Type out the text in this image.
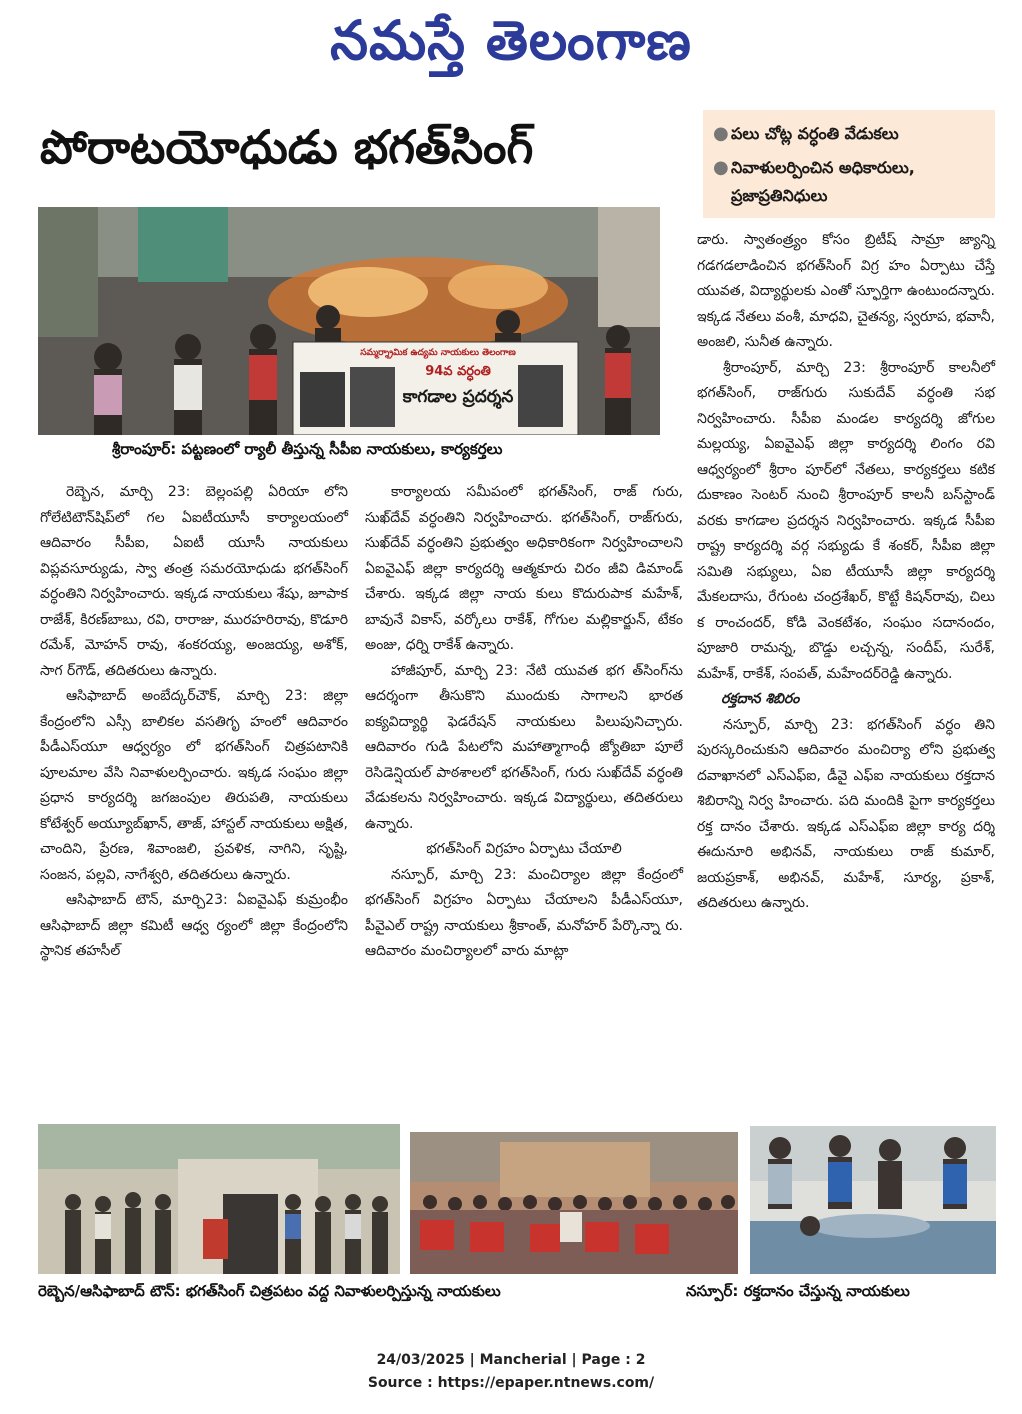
నమస్తే తెలంగాణ
పోరాటయోధుడు భగత్‌సింగ్	● పలు చోట్ల వర్ధంతి వేడుకలు
● నివాళులర్పించిన అధికారులు, ప్రజాప్రతినిధులు
సమ్మర్శ్రామిక ఉద్యమ నాయకులు తెలంగాణ
94వ వర్ధంతి
కాగడాల ప్రదర్శన
శ్రీరాంపూర్: పట్టణంలో ర్యాలీ తీస్తున్న సీపీఐ నాయకులు, కార్యకర్తలు

రెబ్బెన, మార్చి 23: బెల్లంపల్లి ఏరియా లోని గోలేటిటౌన్‌షిప్‌లో గల ఏఐటీయూసీ కార్యాలయంలో ఆదివారం సీపీఐ, ఏఐటీ యూసీ నాయకులు విప్లవసూర్యుడు, స్వా తంత్ర సమరయోధుడు భగత్‌సింగ్ వర్ధంతిని నిర్వహించారు. ఇక్కడ నాయకులు శేషు, జూపాక రాజేశ్, కిరణ్‌బాబు, రవి, రారాజు, మురహరిరావు, కొడూరి రమేశ్, మోహన్ రావు, శంకరయ్య, అంజయ్య, అశోక్, సాగ ర్‌గౌడ్, తదితరులు ఉన్నారు.

ఆసిఫాబాద్ అంబేద్కర్‌చౌక్, మార్చి 23: జిల్లా కేంద్రంలోని ఎస్సీ బాలికల వసతిగృ హంలో ఆదివారం పీడీఎస్‌యూ ఆధ్వర్యం లో భగత్‌సింగ్ చిత్రపటానికి పూలమాల వేసి నివాళులర్పించారు. ఇక్కడ సంఘం జిల్లా ప్రధాన కార్యదర్శి జగజంపుల తిరుపతి, నాయకులు కోటేశ్వర్ అయ్యూబ్‌ఖాన్, తాజ్, హాస్టల్ నాయకులు అక్షిత, చాందిని, ప్రేరణ, శివాంజలి, ప్రవళిక, నాగిని, సృష్టి, సంజన, పల్లవి, నాగేశ్వరి, తదితరులు ఉన్నారు.

ఆసిఫాబాద్ టౌన్, మార్చి23: ఏఐవైఎఫ్ కుమ్రంభీం ఆసిఫాబాద్ జిల్లా కమిటీ ఆధ్వ ర్యంలో జిల్లా కేంద్రంలోని స్థానిక తహసీల్

కార్యాలయ సమీపంలో భగత్‌సింగ్, రాజ్ గురు, సుఖ్‌దేవ్ వర్ధంతిని నిర్వహించారు. భగత్‌సింగ్, రాజ్‌గురు, సుఖ్‌దేవ్ వర్ధంతిని ప్రభుత్వం అధికారికంగా నిర్వహించాలని ఏఐవైఎఫ్ జిల్లా కార్యదర్శి ఆత్మకూరు చిరం జీవి డిమాండ్ చేశారు. ఇక్కడ జిల్లా నాయ కులు కొదురుపాక మహేశ్, బావునే వికాస్, వర్కోలు రాకేశ్, గోగుల మల్లికార్జున్, టేకం అంజు, ధర్ని రాకేశ్ ఉన్నారు.

హాజీపూర్, మార్చి 23: నేటి యువత భగ త్‌సింగ్‌ను ఆదర్శంగా తీసుకొని ముందుకు సాగాలని భారత ఐక్యవిద్యార్థి ఫెడరేషన్ నాయకులు పిలుపునిచ్చారు. ఆదివారం గుడి పేటలోని మహాత్మాగాంధీ జ్యోతిబా పూలే రెసిడెన్షియల్ పాఠశాలలో భగత్‌సింగ్, గురు సుఖ్‌దేవ్ వర్ధంతి వేడుకలను నిర్వహించారు. ఇక్కడ విద్యార్థులు, తదితరులు ఉన్నారు.

భగత్‌సింగ్ విగ్రహం ఏర్పాటు చేయాలి

నస్పూర్, మార్చి 23: మంచిర్యాల జిల్లా కేంద్రంలో భగత్‌సింగ్ విగ్రహం ఏర్పాటు చేయాలని పీడీఎస్‌యూ, పీవైఎల్ రాష్ట్ర నాయకులు శ్రీకాంత్, మనోహర్ పేర్కొన్నా రు. ఆదివారం మంచిర్యాలలో వారు మాట్లా

డారు. స్వాతంత్ర్యం కోసం బ్రిటీష్ సామ్రా జ్యాన్ని గడగడలాడించిన భగత్‌సింగ్ విగ్ర హం ఏర్పాటు చేస్తే యువత, విద్యార్థులకు ఎంతో స్ఫూర్తిగా ఉంటుందన్నారు. ఇక్కడ నేతలు వంశీ, మాధవి, చైతన్య, స్వరూప, భవానీ, అంజలి, సునీత ఉన్నారు.

శ్రీరాంపూర్, మార్చి 23: శ్రీరాంపూర్ కాలనీలో భగత్‌సింగ్, రాజ్‌గురు సుకుదేవ్ వర్ధంతి సభ నిర్వహించారు. సీపీఐ మండల కార్యదర్శి జోగుల మల్లయ్య, ఏఐవైఎఫ్ జిల్లా కార్యదర్శి లింగం రవి ఆధ్వర్యంలో శ్రీరాం పూర్‌లో నేతలు, కార్యకర్తలు కటిక దుకాణం సెంటర్ నుంచి శ్రీరాంపూర్ కాలనీ బస్‌స్టాండ్ వరకు కాగడాల ప్రదర్శన నిర్వహించారు. ఇక్కడ సీపీఐ రాష్ట్ర కార్యదర్శి వర్గ సభ్యుడు కే శంకర్, సీపీఐ జిల్లా సమితి సభ్యులు, ఏఐ టీయూసీ జిల్లా కార్యదర్శి మేకలదాసు, రేగుంట చంద్రశేఖర్, కొట్టే కిషన్‌రావు, చిలు క రాంచందర్, కోడి వెంకటేశం, సంఘం సదానందం, పూజారి రామన్న, బొడ్డు లచ్చన్న, సందీప్, సురేశ్, మహేశ్, రాకేశ్, సంపత్, మహేందర్‌రెడ్డి ఉన్నారు.

రక్తదాన శిబిరం

నస్పూర్, మార్చి 23: భగత్‌సింగ్ వర్ధం తిని పురస్కరించుకుని ఆదివారం మంచిర్యా లోని ప్రభుత్వ దవాఖానలో ఎస్‌ఎఫ్‌ఐ, డీవై ఎఫ్‌ఐ నాయకులు రక్తదాన శిబిరాన్ని నిర్వ హించారు. పది మందికి పైగా కార్యకర్తలు రక్త దానం చేశారు. ఇక్కడ ఎస్‌ఎఫ్‌ఐ జిల్లా కార్య దర్శి ఈదునూరి అభినవ్, నాయకులు రాజ్ కుమార్, జయప్రకాశ్, అభినవ్, మహేశ్, సూర్య, ప్రకాశ్, తదితరులు ఉన్నారు.

రెబ్బెన/ఆసిఫాబాద్ టౌన్: భగత్‌సింగ్ చిత్రపటం వద్ద నివాళులర్పిస్తున్న నాయకులు	నస్పూర్: రక్తదానం చేస్తున్న నాయకులు
24/03/2025 | Mancherial | Page : 2
Source : https://epaper.ntnews.com/
